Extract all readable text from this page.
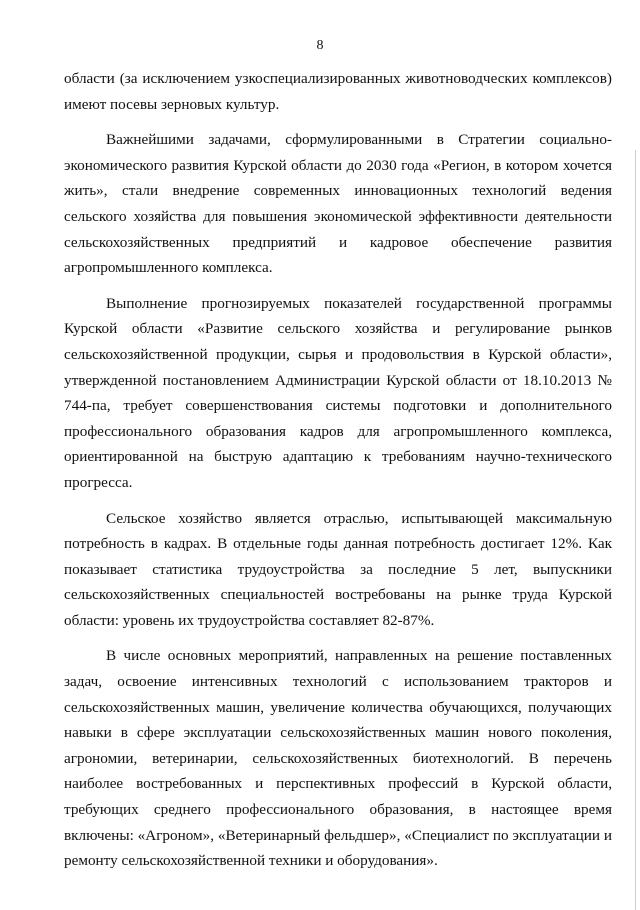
8

области (за исключением узкоспециализированных животноводческих комплексов) имеют посевы зерновых культур.

Важнейшими задачами, сформулированными в Стратегии социально-экономического развития Курской области до 2030 года «Регион, в котором хочется жить», стали внедрение современных инновационных технологий ведения сельского хозяйства для повышения экономической эффективности деятельности сельскохозяйственных предприятий и кадровое обеспечение развития агропромышленного комплекса.

Выполнение прогнозируемых показателей государственной программы Курской области «Развитие сельского хозяйства и регулирование рынков сельскохозяйственной продукции, сырья и продовольствия в Курской области», утвержденной постановлением Администрации Курской области от 18.10.2013 № 744-па, требует совершенствования системы подготовки и дополнительного профессионального образования кадров для агропромышленного комплекса, ориентированной на быструю адаптацию к требованиям научно-технического прогресса.

Сельское хозяйство является отраслью, испытывающей максимальную потребность в кадрах. В отдельные годы данная потребность достигает 12%. Как показывает статистика трудоустройства за последние 5 лет, выпускники сельскохозяйственных специальностей востребованы на рынке труда Курской области: уровень их трудоустройства составляет 82-87%.

В числе основных мероприятий, направленных на решение поставленных задач, освоение интенсивных технологий с использованием тракторов и сельскохозяйственных машин, увеличение количества обучающихся, получающих навыки в сфере эксплуатации сельскохозяйственных машин нового поколения, агрономии, ветеринарии, сельскохозяйственных биотехнологий. В перечень наиболее востребованных и перспективных профессий в Курской области, требующих среднего профессионального образования, в настоящее время включены: «Агроном», «Ветеринарный фельдшер», «Специалист по эксплуатации и ремонту сельскохозяйственной техники и оборудования».
